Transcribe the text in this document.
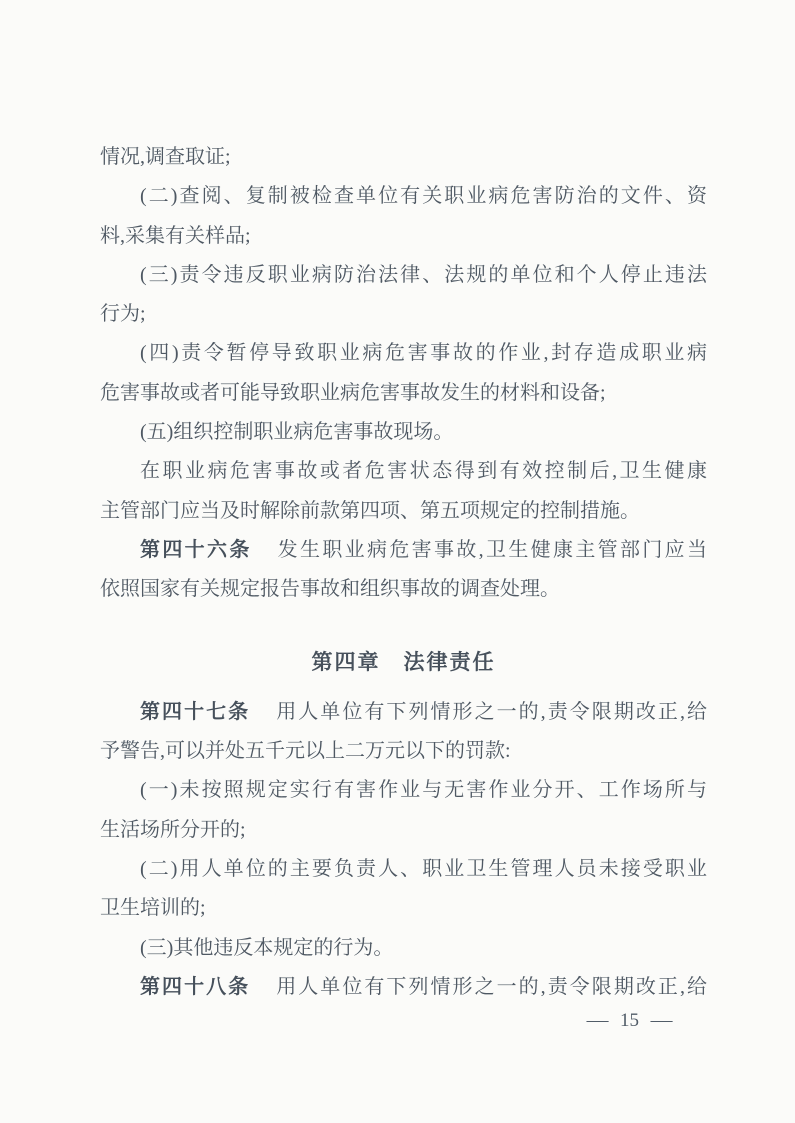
情况,调查取证;
(二)查阅、复制被检查单位有关职业病危害防治的文件、资
料,采集有关样品;
(三)责令违反职业病防治法律、法规的单位和个人停止违法
行为;
(四)责令暂停导致职业病危害事故的作业,封存造成职业病
危害事故或者可能导致职业病危害事故发生的材料和设备;
(五)组织控制职业病危害事故现场。
在职业病危害事故或者危害状态得到有效控制后,卫生健康
主管部门应当及时解除前款第四项、第五项规定的控制措施。
第四十六条 发生职业病危害事故,卫生健康主管部门应当
依照国家有关规定报告事故和组织事故的调查处理。
第四章　法律责任
第四十七条 用人单位有下列情形之一的,责令限期改正,给
予警告,可以并处五千元以上二万元以下的罚款:
(一)未按照规定实行有害作业与无害作业分开、工作场所与
生活场所分开的;
(二)用人单位的主要负责人、职业卫生管理人员未接受职业
卫生培训的;
(三)其他违反本规定的行为。
第四十八条 用人单位有下列情形之一的,责令限期改正,给
— 15 —
